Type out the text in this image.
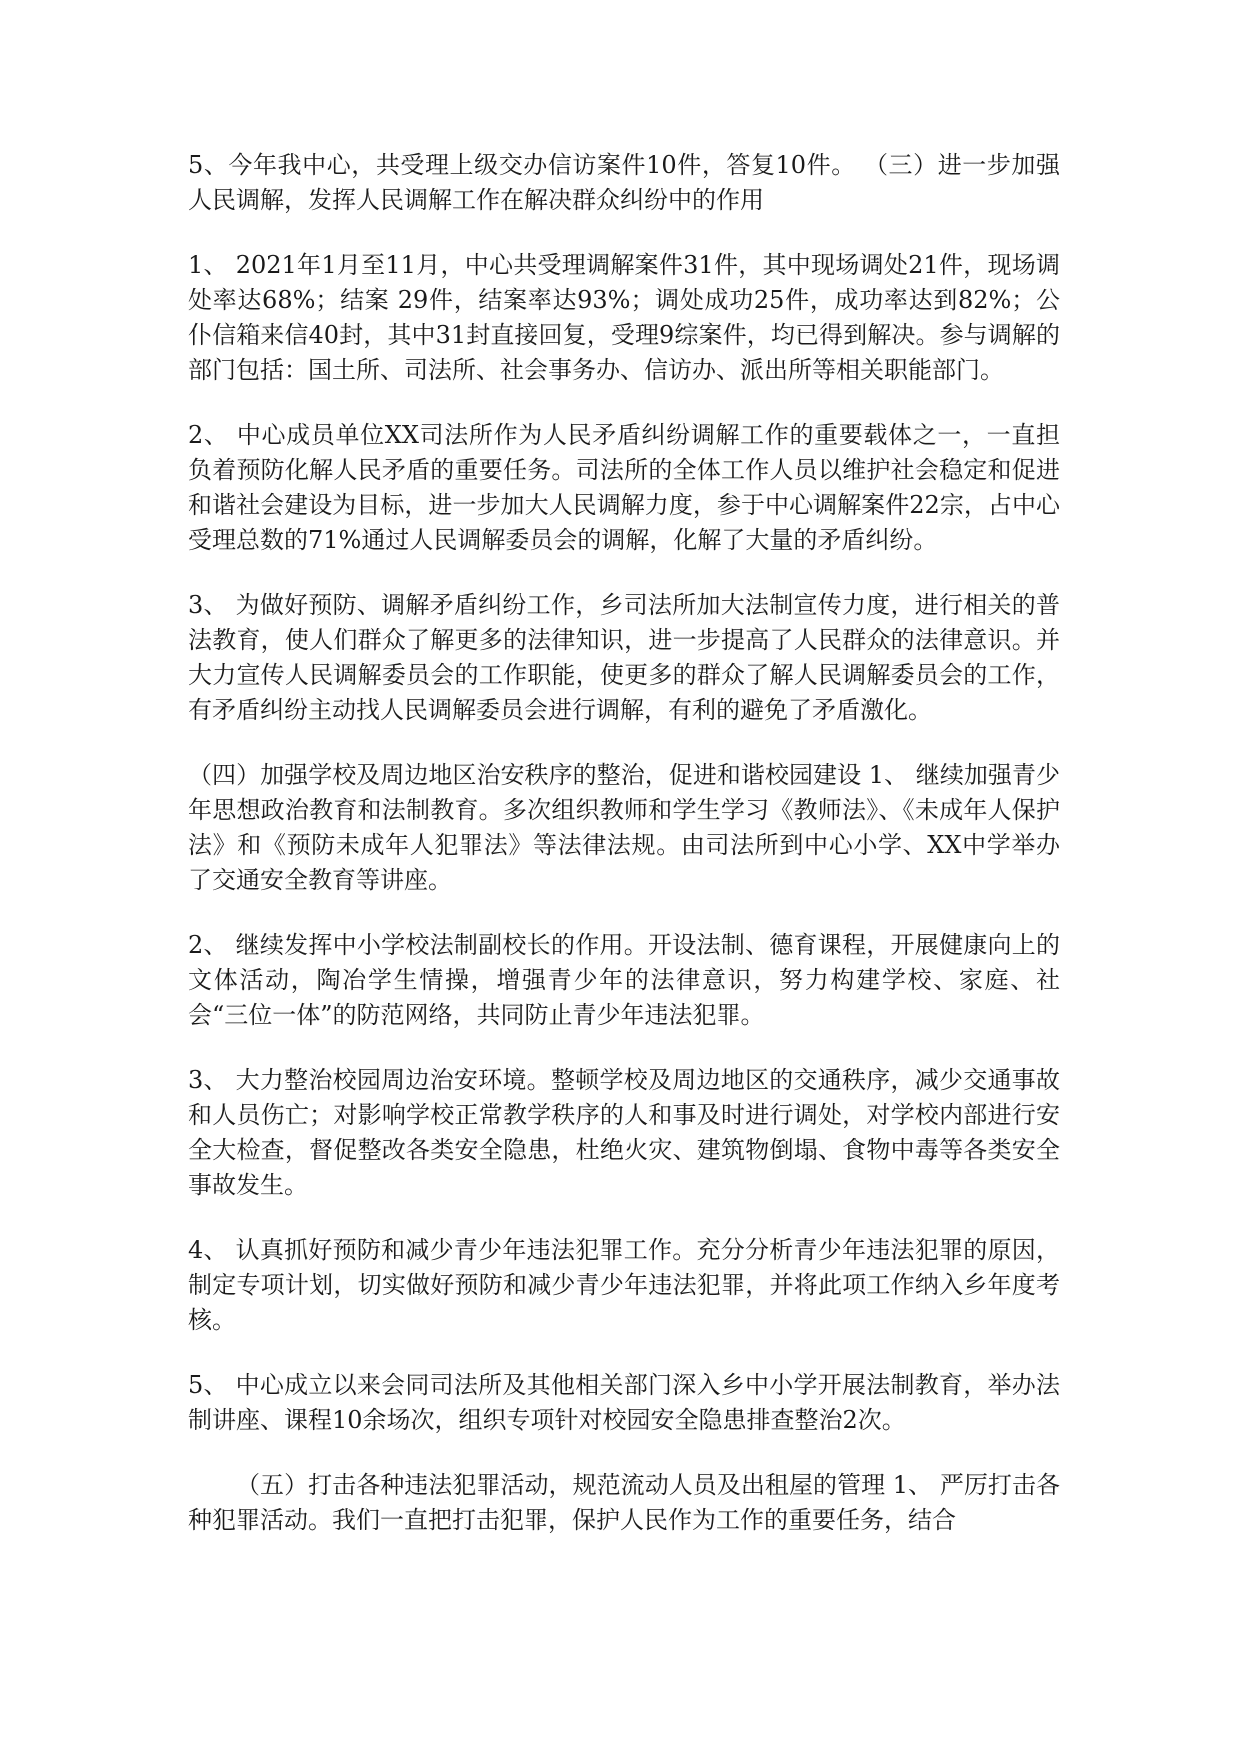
5、今年我中心，共受理上级交办信访案件10件，答复10件。 （三）进一步加强人民调解，发挥人民调解工作在解决群众纠纷中的作用

1、 2021年1月至11月，中心共受理调解案件31件，其中现场调处21件，现场调处率达68%；结案 29件，结案率达93%；调处成功25件，成功率达到82%；公仆信箱来信40封，其中31封直接回复，受理9综案件，均已得到解决。参与调解的部门包括：国土所、司法所、社会事务办、信访办、派出所等相关职能部门。

2、 中心成员单位XX司法所作为人民矛盾纠纷调解工作的重要载体之一，一直担负着预防化解人民矛盾的重要任务。司法所的全体工作人员以维护社会稳定和促进和谐社会建设为目标，进一步加大人民调解力度，参于中心调解案件22宗，占中心受理总数的71%通过人民调解委员会的调解，化解了大量的矛盾纠纷。

3、 为做好预防、调解矛盾纠纷工作，乡司法所加大法制宣传力度，进行相关的普法教育，使人们群众了解更多的法律知识，进一步提高了人民群众的法律意识。并大力宣传人民调解委员会的工作职能，使更多的群众了解人民调解委员会的工作，有矛盾纠纷主动找人民调解委员会进行调解，有利的避免了矛盾激化。

（四）加强学校及周边地区治安秩序的整治，促进和谐校园建设 1、 继续加强青少年思想政治教育和法制教育。多次组织教师和学生学习《教师法》、《未成年人保护法》和《预防未成年人犯罪法》等法律法规。由司法所到中心小学、XX中学举办了交通安全教育等讲座。

2、 继续发挥中小学校法制副校长的作用。开设法制、德育课程，开展健康向上的文体活动，陶冶学生情操，增强青少年的法律意识，努力构建学校、家庭、社会“三位一体”的防范网络，共同防止青少年违法犯罪。

3、 大力整治校园周边治安环境。整顿学校及周边地区的交通秩序，减少交通事故和人员伤亡；对影响学校正常教学秩序的人和事及时进行调处，对学校内部进行安全大检查，督促整改各类安全隐患，杜绝火灾、建筑物倒塌、食物中毒等各类安全事故发生。

4、 认真抓好预防和减少青少年违法犯罪工作。充分分析青少年违法犯罪的原因，制定专项计划，切实做好预防和减少青少年违法犯罪，并将此项工作纳入乡年度考核。

5、 中心成立以来会同司法所及其他相关部门深入乡中小学开展法制教育，举办法制讲座、课程10余场次，组织专项针对校园安全隐患排查整治2次。

（五）打击各种违法犯罪活动，规范流动人员及出租屋的管理 1、 严厉打击各种犯罪活动。我们一直把打击犯罪，保护人民作为工作的重要任务，结合
